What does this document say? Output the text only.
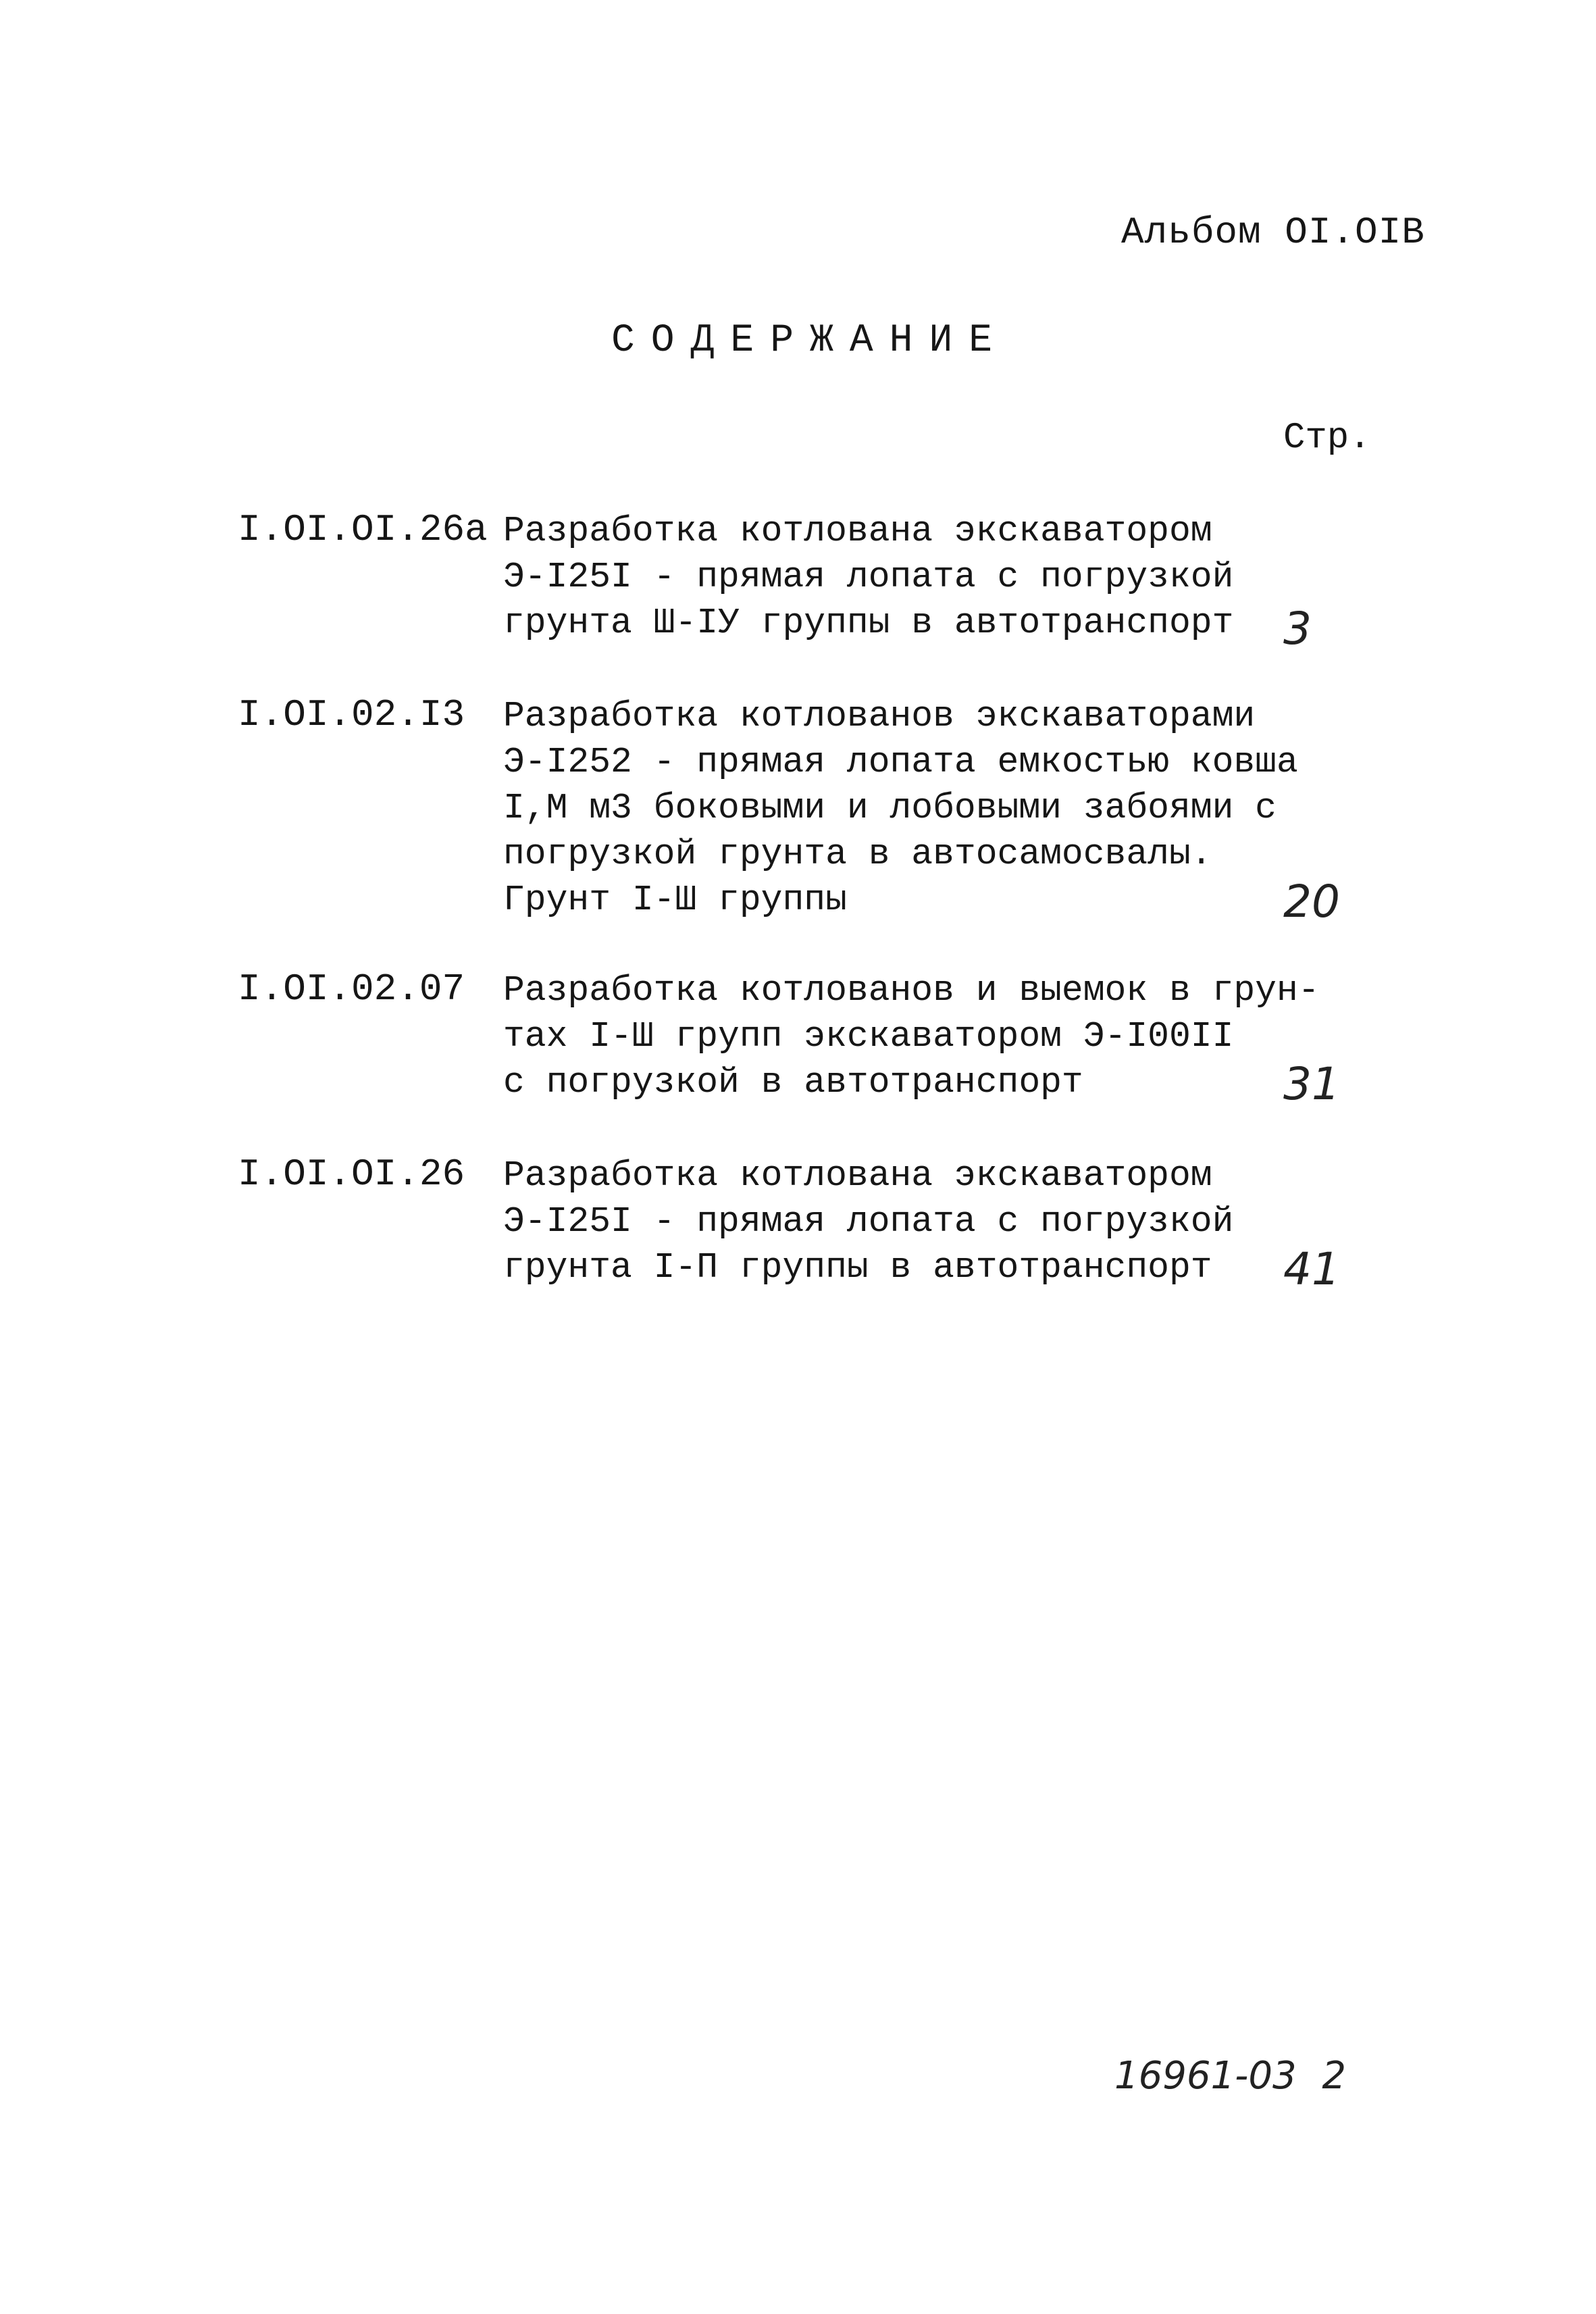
Альбом OI.OIВ
СОДЕРЖАНИЕ
Стр.
I.OI.OI.26а Разработка котлована экскаватором
Э-I25I - прямая лопата с погрузкой
грунта Ш-IУ группы в автотранспорт	3
I.OI.02.I3 Разработка котлованов экскаваторами
Э-I252 - прямая лопата емкостью ковша
I,М м3 боковыми и лобовыми забоями с
погрузкой грунта в автосамосвалы.
Грунт I-Ш группы	20
I.OI.02.07 Разработка котлованов и выемок в грун-
тах I-Ш групп экскаватором Э-I00II
с погрузкой в автотранспорт	31
I.OI.OI.26 Разработка котлована экскаватором
Э-I25I - прямая лопата с погрузкой
грунта I-П группы в автотранспорт	41
16961-03 2
